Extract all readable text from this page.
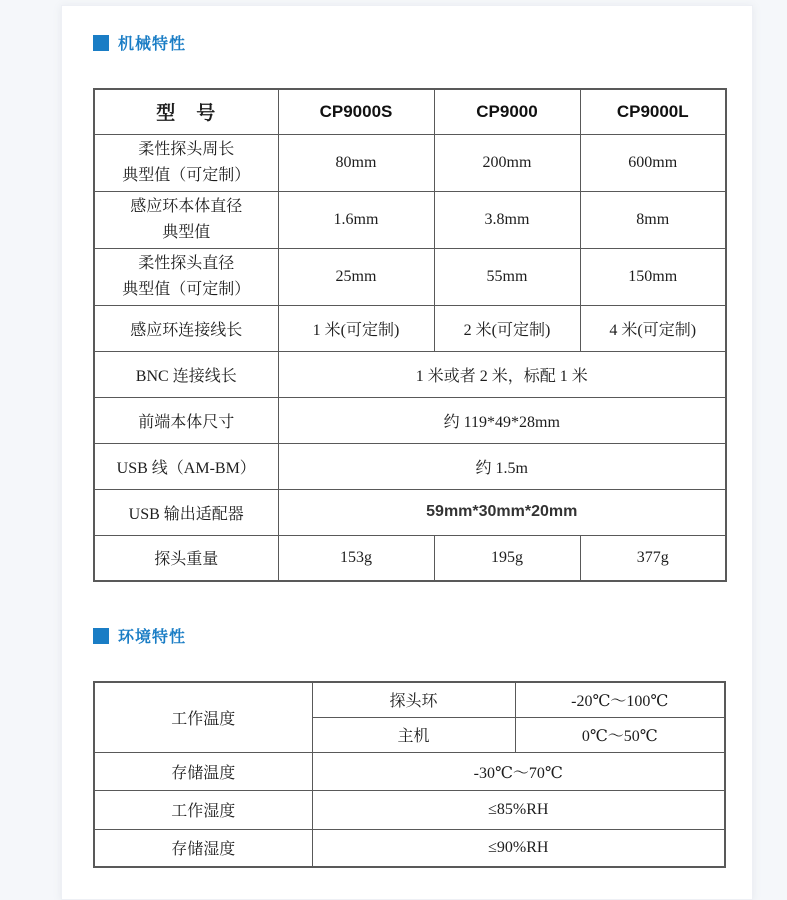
机械特性
型　号	CP9000S	CP9000	CP9000L

柔性探头周长
典型值（可定制）	80mm	200mm	600mm

感应环本体直径
典型值	1.6mm	3.8mm	8mm

柔性探头直径
典型值（可定制）	25mm	55mm	150mm
感应环连接线长	1 米(可定制)	2 米(可定制)	4 米(可定制)
BNC 连接线长	1 米或者 2 米，标配 1 米		
前端本体尺寸	约 119*49*28mm		
USB 线（AM-BM）	约 1.5m		
USB 输出适配器	59mm*30mm*20mm		
探头重量	153g	195g	377g
环境特性
工作温度	探头环	-20℃～100℃
	主机	0℃～50℃
存储温度	-30℃～70℃	
工作湿度	≤85%RH	
存储湿度	≤90%RH	
